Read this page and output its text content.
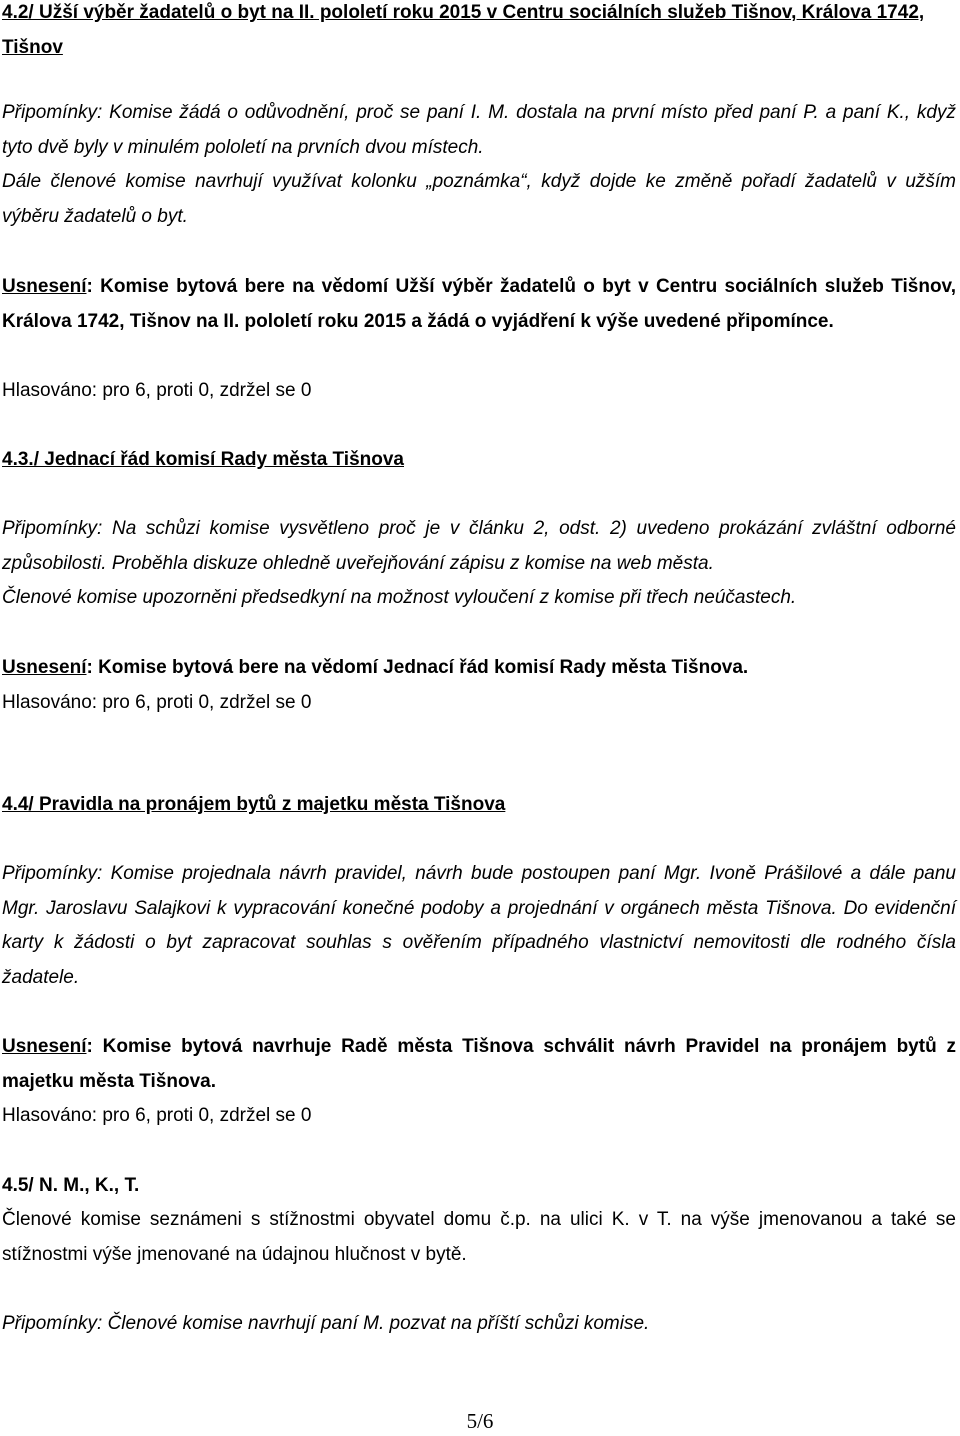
4.2/ Užší výběr žadatelů o byt na II. pololetí roku 2015 v Centru sociálních služeb Tišnov, Králova 1742, Tišnov

Připomínky: Komise žádá o odůvodnění, proč se paní I. M. dostala na první místo před paní P. a paní K., když tyto dvě byly v minulém pololetí na prvních dvou místech.

Dále členové komise navrhují využívat kolonku „poznámka“, když dojde ke změně pořadí žadatelů v užším výběru žadatelů o byt.

Usnesení: Komise bytová bere na vědomí Užší výběr žadatelů o byt v Centru sociálních služeb Tišnov, Králova 1742, Tišnov na II. pololetí roku 2015 a žádá o vyjádření k výše uvedené připomínce.

Hlasováno: pro 6, proti 0, zdržel se 0

4.3./ Jednací řád komisí Rady města Tišnova

Připomínky: Na schůzi komise vysvětleno proč je v článku 2, odst. 2) uvedeno prokázání zvláštní odborné způsobilosti. Proběhla diskuze ohledně uveřejňování zápisu z komise na web města.

Členové komise upozorněni předsedkyní na možnost vyloučení z komise při třech neúčastech.

Usnesení: Komise bytová bere na vědomí Jednací řád komisí Rady města Tišnova.

Hlasováno: pro 6, proti 0, zdržel se 0

4.4/ Pravidla na pronájem bytů z majetku města Tišnova

Připomínky: Komise projednala návrh pravidel, návrh bude postoupen paní Mgr. Ivoně Prášilové a dále panu Mgr. Jaroslavu Salajkovi k vypracování konečné podoby a projednání v orgánech města Tišnova. Do evidenční karty k žádosti o byt zapracovat souhlas s ověřením případného vlastnictví nemovitosti dle rodného čísla žadatele.

Usnesení: Komise bytová navrhuje Radě města Tišnova schválit návrh Pravidel na pronájem bytů z majetku města Tišnova.

Hlasováno: pro 6, proti 0, zdržel se 0

4.5/ N. M., K., T.

Členové komise seznámeni s stížnostmi obyvatel domu č.p. na ulici K. v T. na výše jmenovanou a také se stížnostmi výše jmenované na údajnou hlučnost v bytě.

Připomínky: Členové komise navrhují paní M. pozvat na příští schůzi komise.

5/6
